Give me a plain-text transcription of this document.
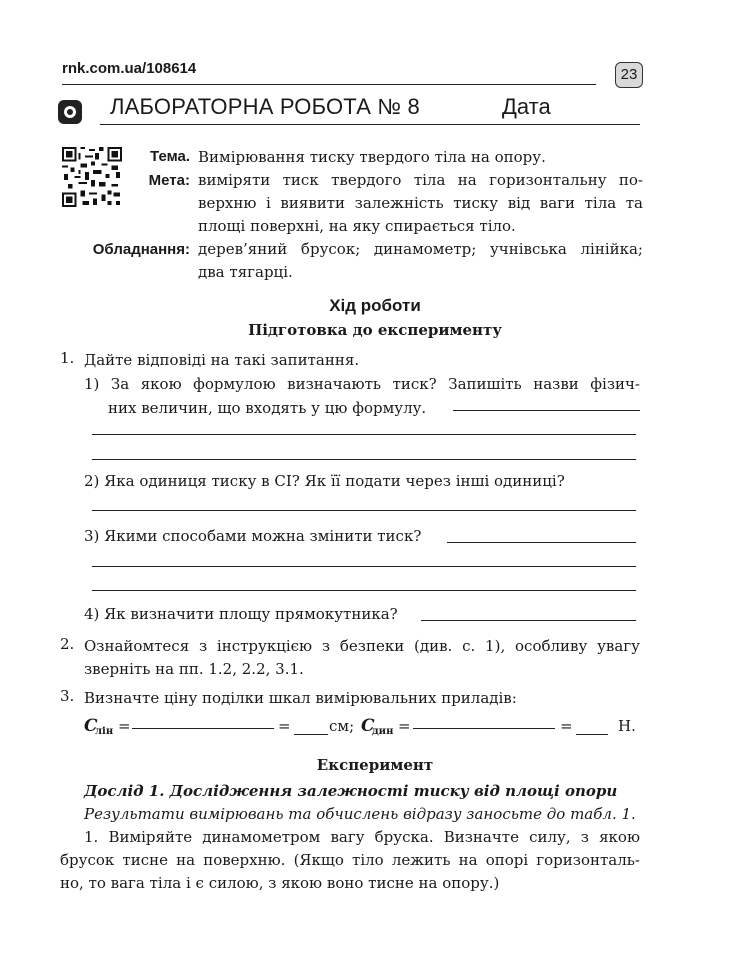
rnk.com.ua/108614	23
ЛАБОРАТОРНА РОБОТА № 8	Дата
Тема. Вимірювання тиску твердого тіла на опору.
Мета: виміряти тиск твердого тіла на горизонтальну по-
верхню і виявити залежність тиску від ваги тіла та
площі поверхні, на яку спирається тіло.
Обладнання: дерев’яний брусок; динамометр; учнівська лінійка;
два тягарці.
Хід роботи
Підготовка до експерименту
1. Дайте відповіді на такі запитання.
1) За якою формулою визначають тиск? Запишіть назви фізич-
них величин, що входять у цю формулу.
2) Яка одиниця тиску в СІ? Як її подати через інші одиниці?
3) Якими способами можна змінити тиск?
4) Як визначити площу прямокутника?
2. Ознайомтеся з інструкцією з безпеки (див. с. 1), особливу увагу
зверніть на пп. 1.2, 2.2, 3.1.
3. Визначте ціну поділки шкал вимірювальних приладів:
C
лін =	=	см; C
дин =	=	Н.
Експеримент
Дослід 1. Дослідження залежності тиску від площі опори
Результати вимірювань та обчислень відразу заносьте до табл. 1.
1. Виміряйте динамометром вагу бруска. Визначте силу, з якою
брусок тисне на поверхню. (Якщо тіло лежить на опорі горизонталь-
но, то вага тіла і є силою, з якою воно тисне на опору.)
